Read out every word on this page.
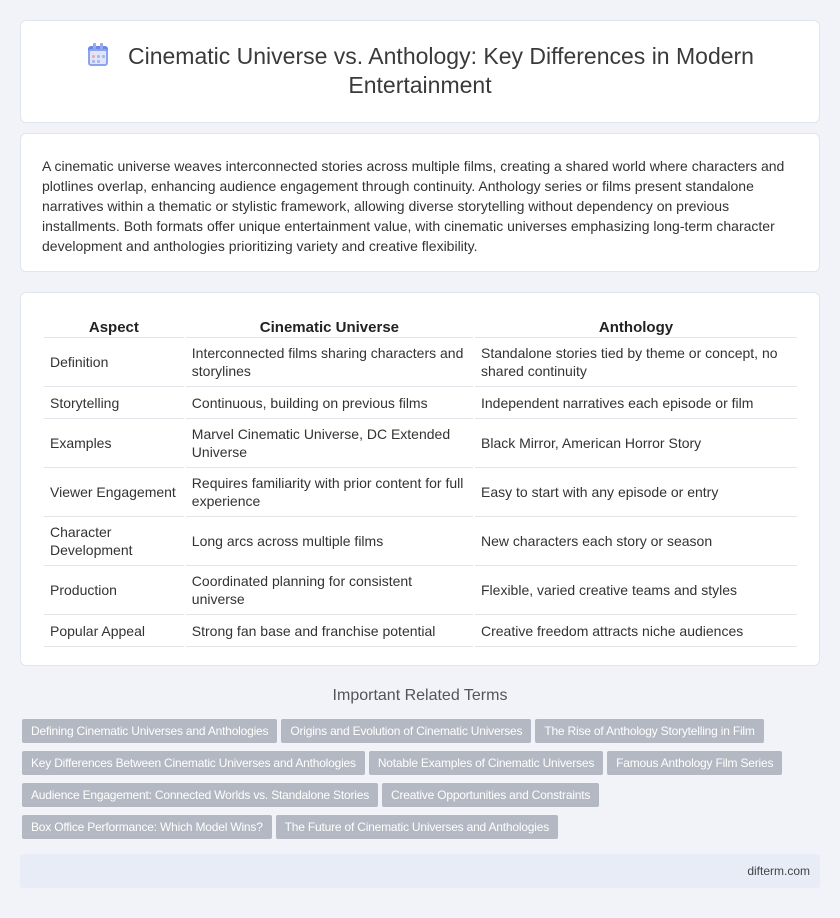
Cinematic Universe vs. Anthology: Key Differences in Modern Entertainment

A cinematic universe weaves interconnected stories across multiple films, creating a shared world where characters and plotlines overlap, enhancing audience engagement through continuity. Anthology series or films present standalone narratives within a thematic or stylistic framework, allowing diverse storytelling without dependency on previous installments. Both formats offer unique entertainment value, with cinematic universes emphasizing long-term character development and anthologies prioritizing variety and creative flexibility.

Aspect	Cinematic Universe	Anthology
Definition	Interconnected films sharing characters and storylines	Standalone stories tied by theme or concept, no shared continuity
Storytelling	Continuous, building on previous films	Independent narratives each episode or film
Examples	Marvel Cinematic Universe, DC Extended Universe	Black Mirror, American Horror Story
Viewer Engagement	Requires familiarity with prior content for full experience	Easy to start with any episode or entry
Character Development	Long arcs across multiple films	New characters each story or season
Production	Coordinated planning for consistent universe	Flexible, varied creative teams and styles
Popular Appeal	Strong fan base and franchise potential	Creative freedom attracts niche audiences
Important Related Terms
Defining Cinematic Universes and Anthologies Origins and Evolution of Cinematic Universes The Rise of Anthology Storytelling in Film
Key Differences Between Cinematic Universes and Anthologies Notable Examples of Cinematic Universes Famous Anthology Film Series
Audience Engagement: Connected Worlds vs. Standalone Stories Creative Opportunities and Constraints
Box Office Performance: Which Model Wins? The Future of Cinematic Universes and Anthologies
difterm.com
